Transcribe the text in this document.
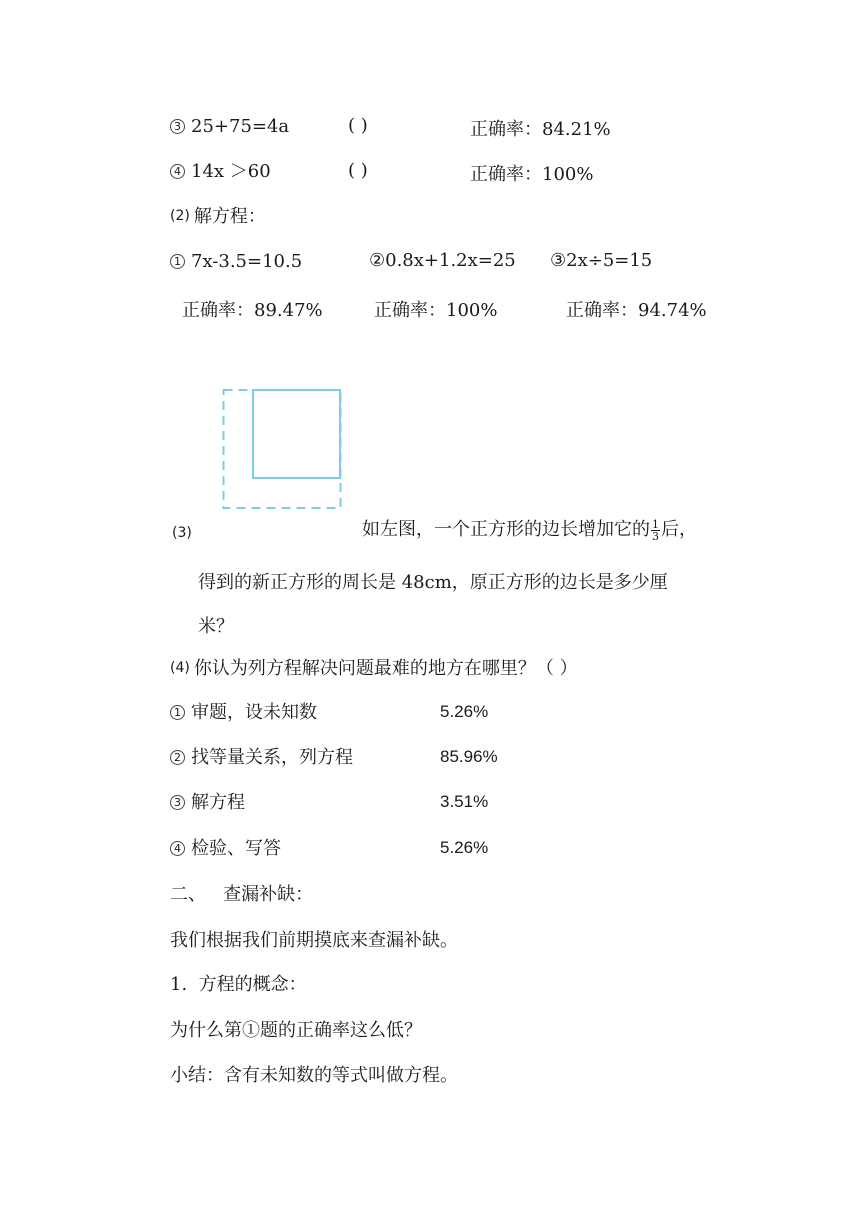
3 25+75=4a	( )	正确率：84.21%
4 14x ＞60	( )	正确率：100%
(2) 解方程：
1 7x-3.5=10.5	②0.8x+1.2x=25 ③2x÷5=15
正确率：89.47%	正确率：100%	正确率：94.74%
(3)	如左图，一个正方形的边长增加它的 $\frac{1}{3}$ 后，
得到的新正方形的周长是 48cm，原正方形的边长是多少厘
米？
(4) 你认为列方程解决问题最难的地方在哪里？（ ）
1 审题，设未知数	5.26%
2 找等量关系，列方程	85.96%
3 解方程	3.51%
4 检验、写答	5.26%
二、   查漏补缺：
我们根据我们前期摸底来查漏补缺。
1.  方程的概念：
为什么第①题的正确率这么低？
小结：含有未知数的等式叫做方程。
